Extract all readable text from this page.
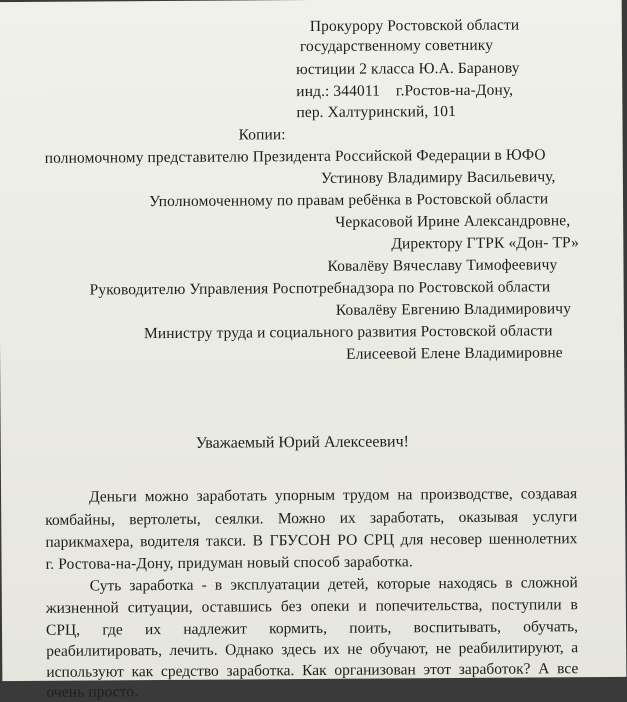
Прокурору Ростовской области
государственному советнику
юстиции 2 класса Ю.А. Баранову
инд.: 344011    г.Ростов-на-Дону,
пер. Халтуринский, 101
Копии:
полномочному представителю Президента Российской Федерации в ЮФО
Устинову Владимиру Васильевичу,
Уполномоченному по правам ребёнка в Ростовской области
Черкасовой Ирине Александровне,
Директору ГТРК «Дон- ТР»
Ковалёву Вячеславу Тимофеевичу
Руководителю Управления Роспотребнадзора по Ростовской области
Ковалёву Евгению Владимировичу
Министру труда и социального развития Ростовской области
Елисеевой Елене Владимировне
Уважаемый Юрий Алексеевич!
Деньги можно заработать упорным трудом на производстве, создавая
комбайны, вертолеты, сеялки. Можно их заработать, оказывая услуги
парикмахера, водителя такси. В ГБУСОН РО СРЦ для несовер шеннолетних
г. Ростова-на-Дону, придуман новый способ заработка.
Суть заработка - в эксплуатации детей, которые находясь в сложной
жизненной ситуации, оставшись без опеки и попечительства, поступили в
СРЦ, где их надлежит кормить, поить, воспитывать, обучать,
реабилитировать, лечить. Однако здесь их не обучают, не реабилитируют, а
используют как средство заработка. Как организован этот заработок? А все
очень просто.
